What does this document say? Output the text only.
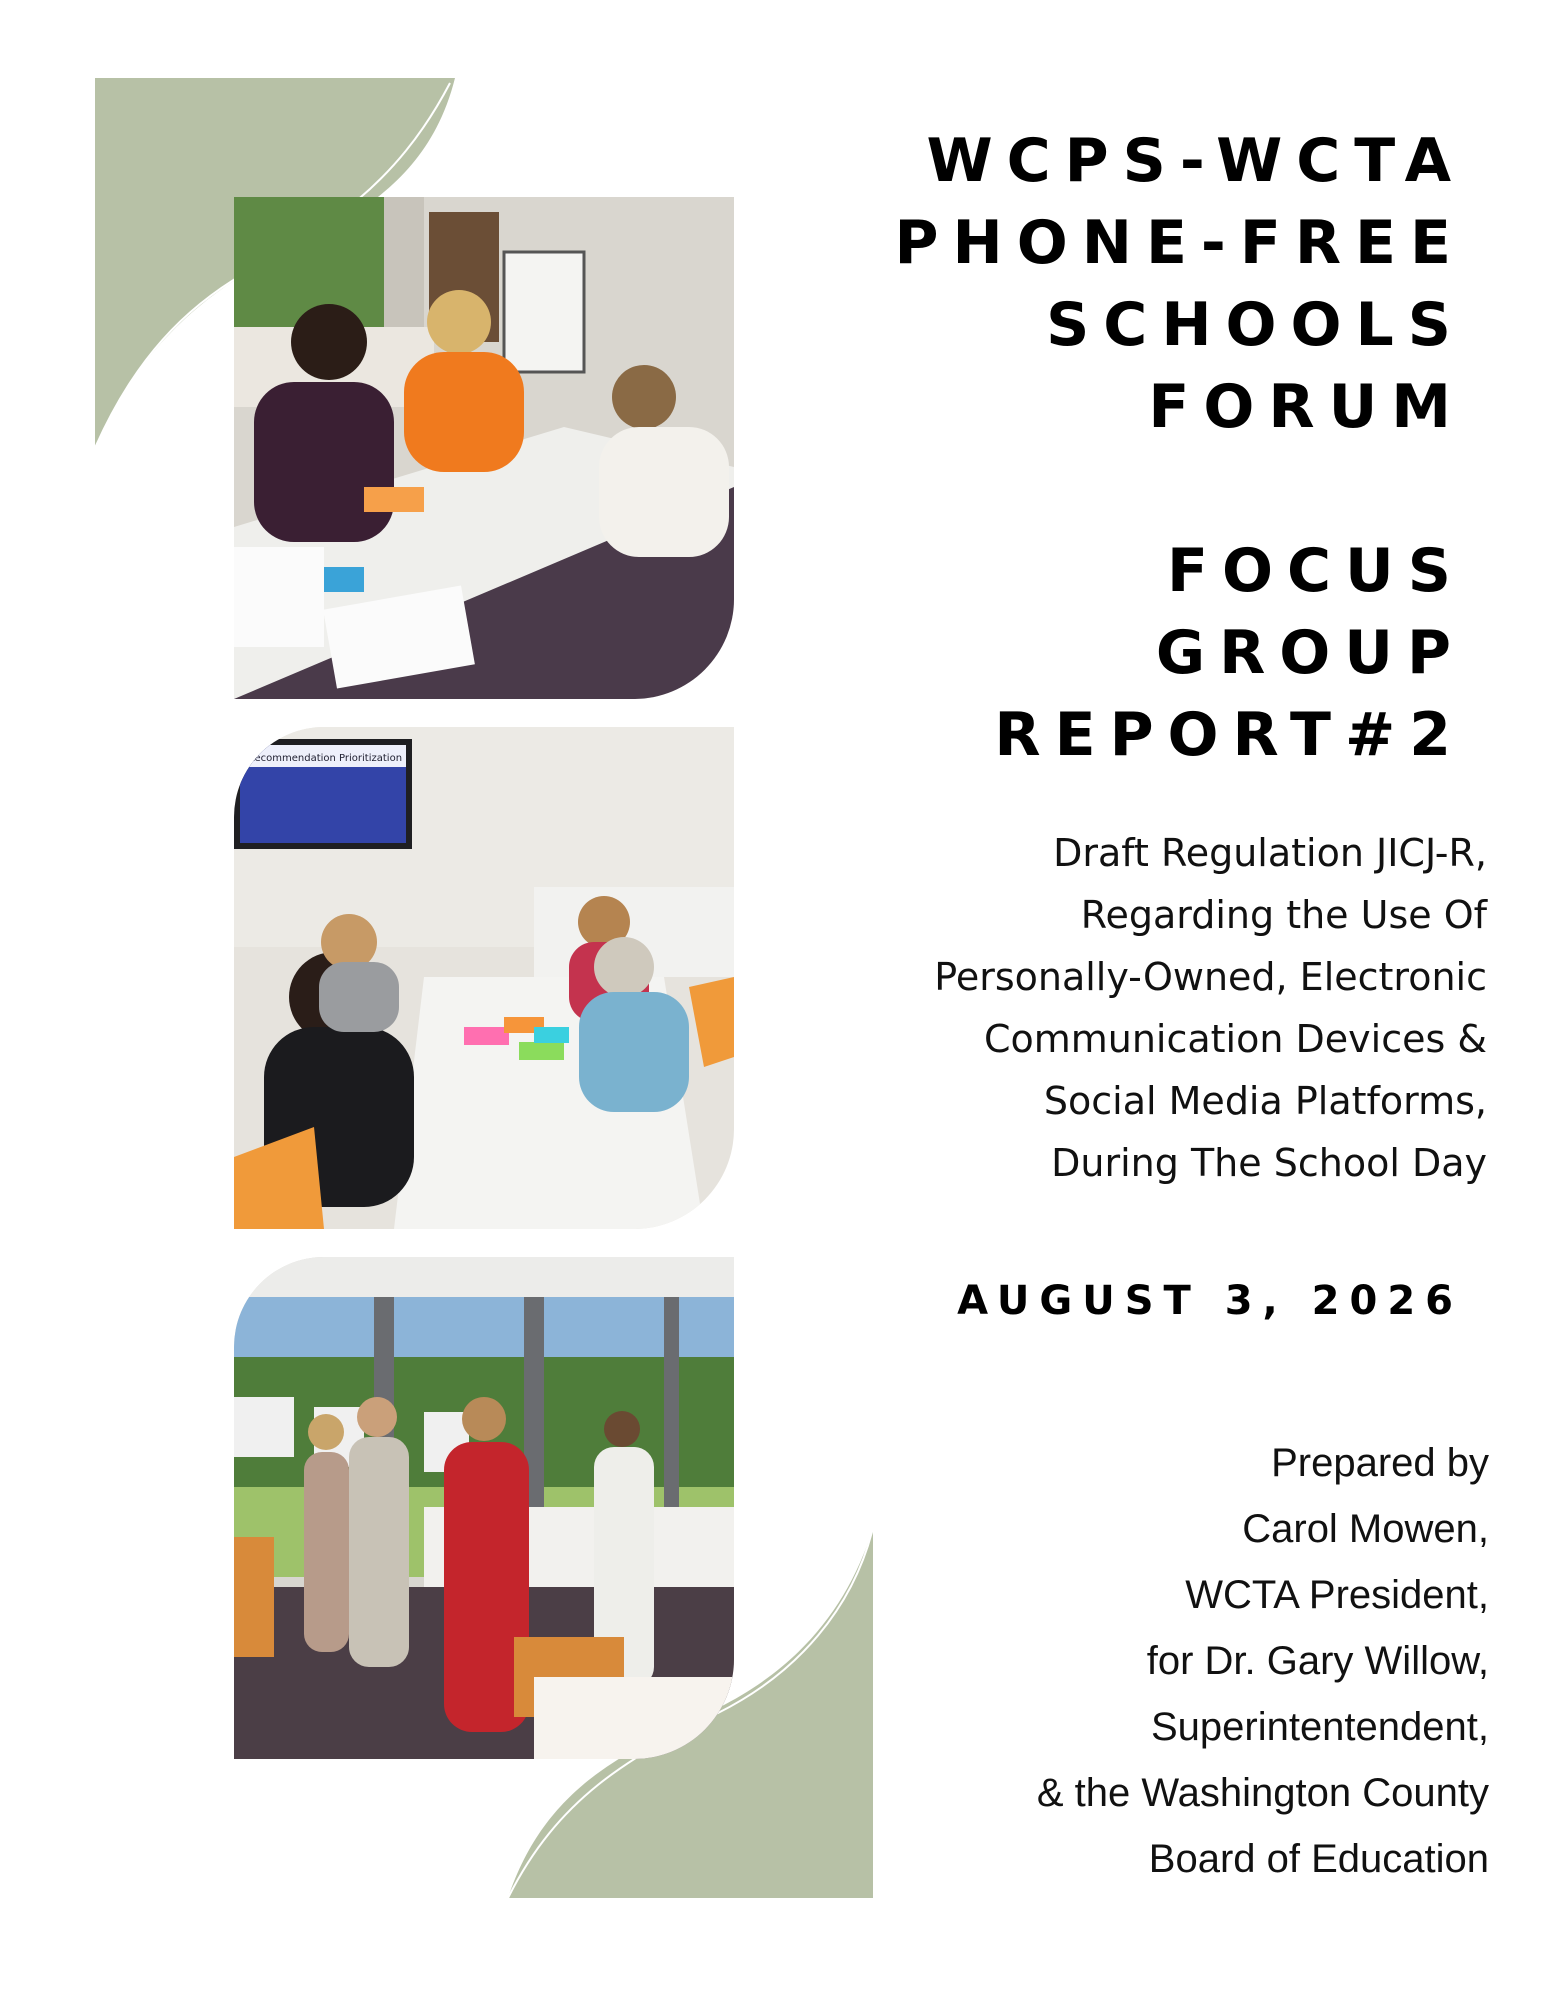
Recommendation Prioritization
WCPS-WCTA
PHONE-FREE
SCHOOLS
FORUM
FOCUS
GROUP
REPORT#2
Draft Regulation JICJ-R,
Regarding the Use Of
Personally-Owned, Electronic
Communication Devices &
Social Media Platforms,
During The School Day
AUGUST 3, 2026
Prepared by
Carol Mowen,
WCTA President,
for Dr. Gary Willow,
Superintentendent,
& the Washington County
Board of Education
